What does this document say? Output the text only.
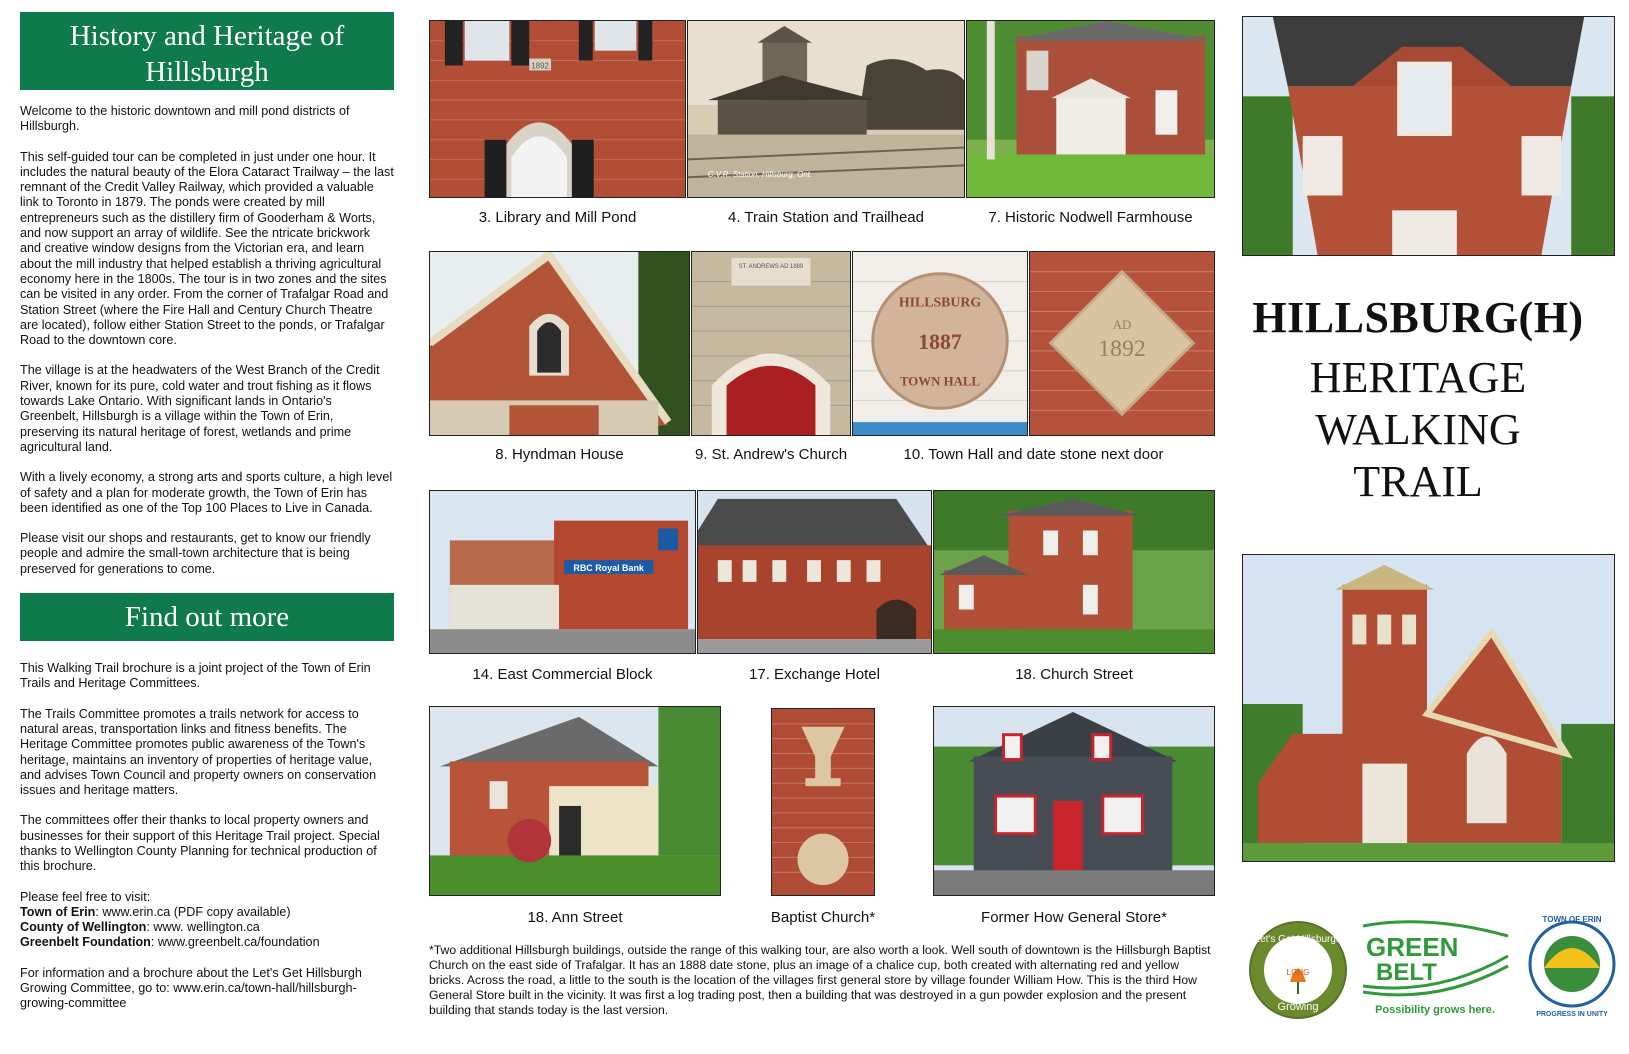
History and Heritage of Hillsburgh

Welcome to the historic downtown and mill pond districts of Hillsburgh.

This self-guided tour can be completed in just under one hour. It includes the natural beauty of the Elora Cataract Trailway – the last remnant of the Credit Valley Railway, which provided a valuable link to Toronto in 1879. The ponds were created by mill entrepreneurs such as the distillery firm of Gooderham & Worts, and now support an array of wildlife. See the ntricate brickwork and creative window designs from the Victorian era, and learn about the mill industry that helped establish a thriving agricultural economy here in the 1800s. The tour is in two zones and the sites can be visited in any order. From the corner of Trafalgar Road and Station Street (where the Fire Hall and Century Church Theatre are located), follow either Station Street to the ponds, or Trafalgar Road to the downtown core.

The village is at the headwaters of the West Branch of the Credit River, known for its pure, cold water and trout fishing as it flows towards Lake Ontario. With significant lands in Ontario's Greenbelt, Hillsburgh is a village within the Town of Erin, preserving its natural heritage of forest, wetlands and prime agricultural land.

With a lively economy, a strong arts and sports culture, a high level of safety and a plan for moderate growth, the Town of Erin has been identified as one of the Top 100 Places to Live in Canada.

Please visit our shops and restaurants, get to know our friendly people and admire the small-town architecture that is being preserved for generations to come.

Find out more

This Walking Trail brochure is a joint project of the Town of Erin Trails and Heritage Committees.

The Trails Committee promotes a trails network for access to natural areas, transportation links and fitness benefits. The Heritage Committee promotes public awareness of the Town's heritage, maintains an inventory of properties of heritage value, and advises Town Council and property owners on conservation issues and heritage matters.

The committees offer their thanks to local property owners and businesses for their support of this Heritage Trail project. Special thanks to Wellington County Planning for technical production of this brochure.

Please feel free to visit:
Town of Erin: www.erin.ca (PDF copy available)
County of Wellington: www. wellington.ca
Greenbelt Foundation: www.greenbelt.ca/foundation

For information and a brochure about the Let's Get Hillsburgh Growing Committee, go to: www.erin.ca/town-hall/hillsburgh-growing-committee

1892
C.V.R. Station, Hillsburg, Ont.
3. Library and Mill Pond	4. Train Station and Trailhead	7. Historic Nodwell Farmhouse
ST. ANDREWS AD 1889
HILLSBURG
1887
TOWN HALL
AD
1892
8. Hyndman House	9. St. Andrew's Church	10. Town Hall and date stone next door
RBC Royal Bank
14. East Commercial Block	17. Exchange Hotel	18. Church Street
18. Ann Street	Baptist Church*	Former How General Store*
*Two additional Hillsburgh buildings, outside the range of this walking tour, are also worth a look. Well south of downtown is the Hillsburgh Baptist Church on the east side of Trafalgar. It has an 1888 date stone, plus an image of a chalice cup, both created with alternating red and yellow bricks. Across the road, a little to the south is the location of the villages first general store by village founder William How. This is the third How General Store built in the vicinity. It was first a log trading post, then a building that was destroyed in a gun powder explosion and the present building that stands today is the last version.
HILLSBURG(H)
HERITAGE
WALKING
TRAIL
Let's Get Hillsburgh
Growing
LGHG
GREEN
BELT
Possibility grows here.
TOWN OF ERIN
PROGRESS IN UNITY
